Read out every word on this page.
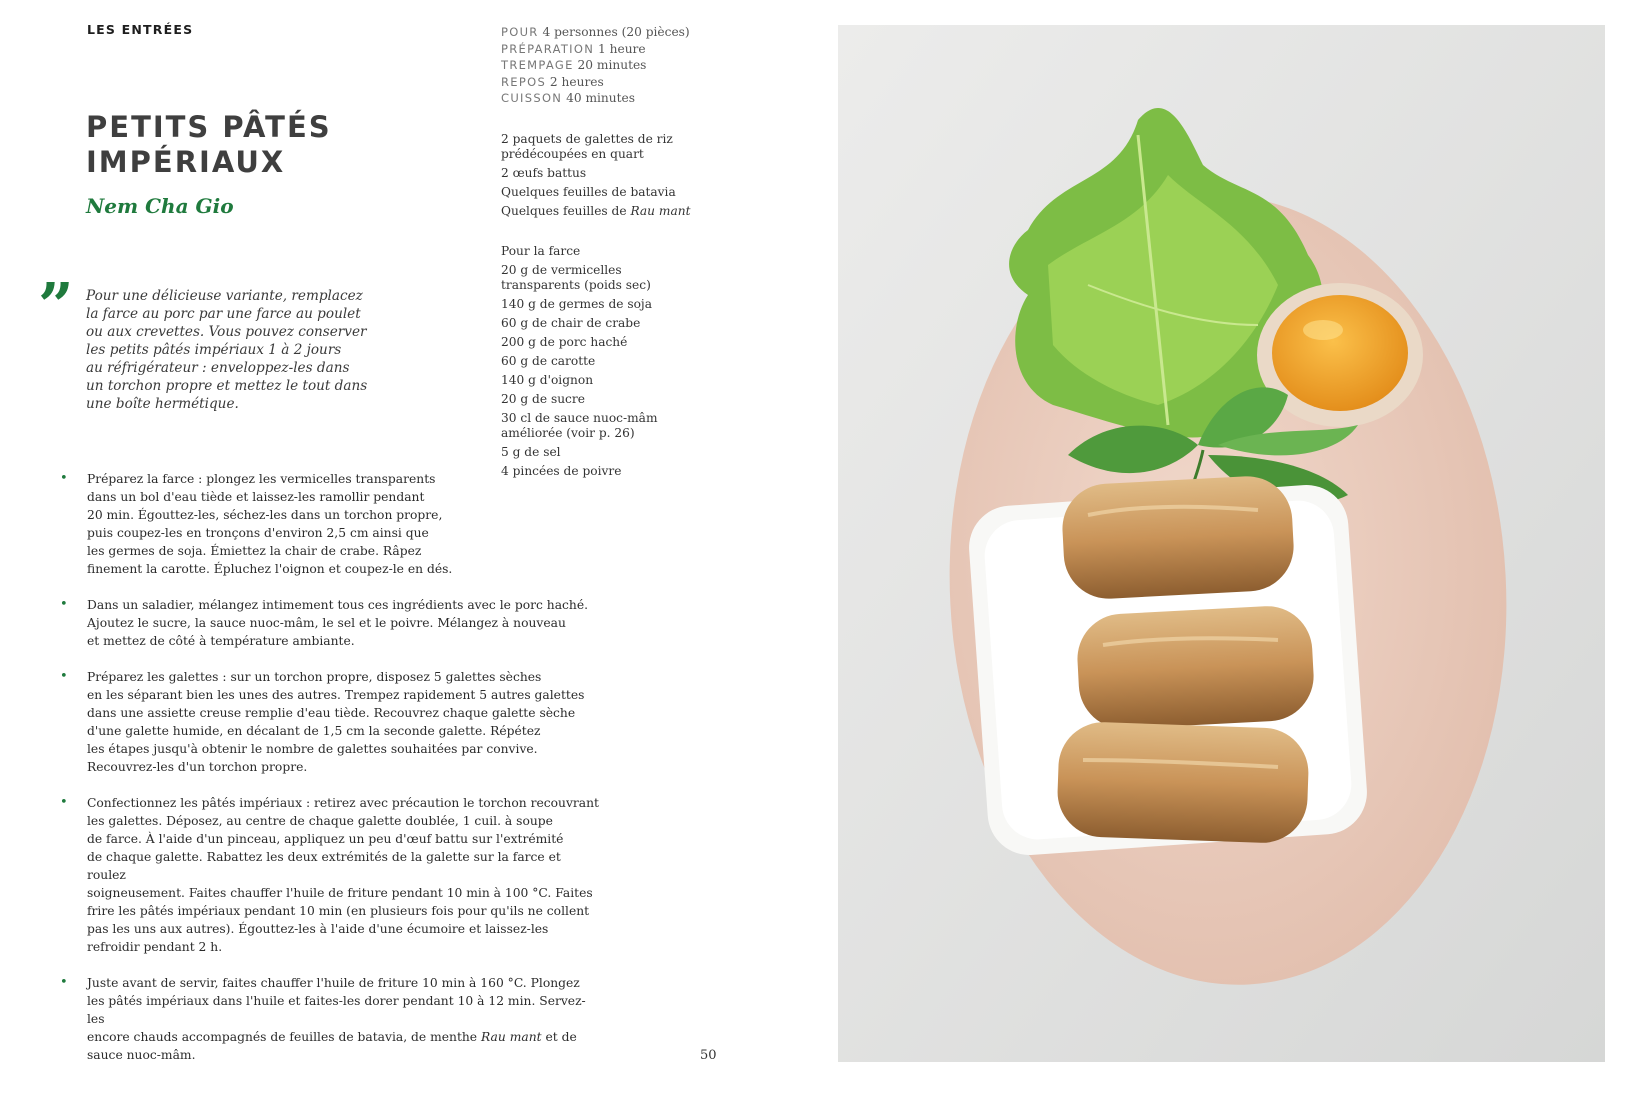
LES ENTRÉES
PETITS PÂTÉS
IMPÉRIAUX
Nem Cha Gio
” Pour une délicieuse variante, remplacez
la farce au porc par une farce au poulet
ou aux crevettes. Vous pouvez conserver
les petits pâtés impériaux 1 à 2 jours
au réfrigérateur : enveloppez-les dans
un torchon propre et mettez le tout dans
une boîte hermétique.

POUR 4 personnes (20 pièces)
PRÉPARATION 1 heure
TREMPAGE 20 minutes
REPOS 2 heures
CUISSON 40 minutes
2 paquets de galettes de riz
prédécoupées en quart
2 œufs battus
Quelques feuilles de batavia
Quelques feuilles de Rau mant
Pour la farce
20 g de vermicelles
transparents (poids sec)
140 g de germes de soja
60 g de chair de crabe
200 g de porc haché
60 g de carotte
140 g d'oignon
20 g de sucre
30 cl de sauce nuoc-mâm
améliorée (voir p. 26)
5 g de sel
4 pincées de poivre
• Préparez la farce : plongez les vermicelles transparents
dans un bol d'eau tiède et laissez-les ramollir pendant
20 min. Égouttez-les, séchez-les dans un torchon propre,
puis coupez-les en tronçons d'environ 2,5 cm ainsi que
les germes de soja. Émiettez la chair de crabe. Râpez
finement la carotte. Épluchez l'oignon et coupez-le en dés.
• Dans un saladier, mélangez intimement tous ces ingrédients avec le porc haché.
Ajoutez le sucre, la sauce nuoc-mâm, le sel et le poivre. Mélangez à nouveau
et mettez de côté à température ambiante.
• Préparez les galettes : sur un torchon propre, disposez 5 galettes sèches
en les séparant bien les unes des autres. Trempez rapidement 5 autres galettes
dans une assiette creuse remplie d'eau tiède. Recouvrez chaque galette sèche
d'une galette humide, en décalant de 1,5 cm la seconde galette. Répétez
les étapes jusqu'à obtenir le nombre de galettes souhaitées par convive.
Recouvrez-les d'un torchon propre.
• Confectionnez les pâtés impériaux : retirez avec précaution le torchon recouvrant
les galettes. Déposez, au centre de chaque galette doublée, 1 cuil. à soupe
de farce. À l'aide d'un pinceau, appliquez un peu d'œuf battu sur l'extrémité
de chaque galette. Rabattez les deux extrémités de la galette sur la farce et roulez
soigneusement. Faites chauffer l'huile de friture pendant 10 min à 100 °C. Faites
frire les pâtés impériaux pendant 10 min (en plusieurs fois pour qu'ils ne collent
pas les uns aux autres). Égouttez-les à l'aide d'une écumoire et laissez-les
refroidir pendant 2 h.
• Juste avant de servir, faites chauffer l'huile de friture 10 min à 160 °C. Plongez
les pâtés impériaux dans l'huile et faites-les dorer pendant 10 à 12 min. Servez-les
encore chauds accompagnés de feuilles de batavia, de menthe Rau mant et de
sauce nuoc-mâm.	50
